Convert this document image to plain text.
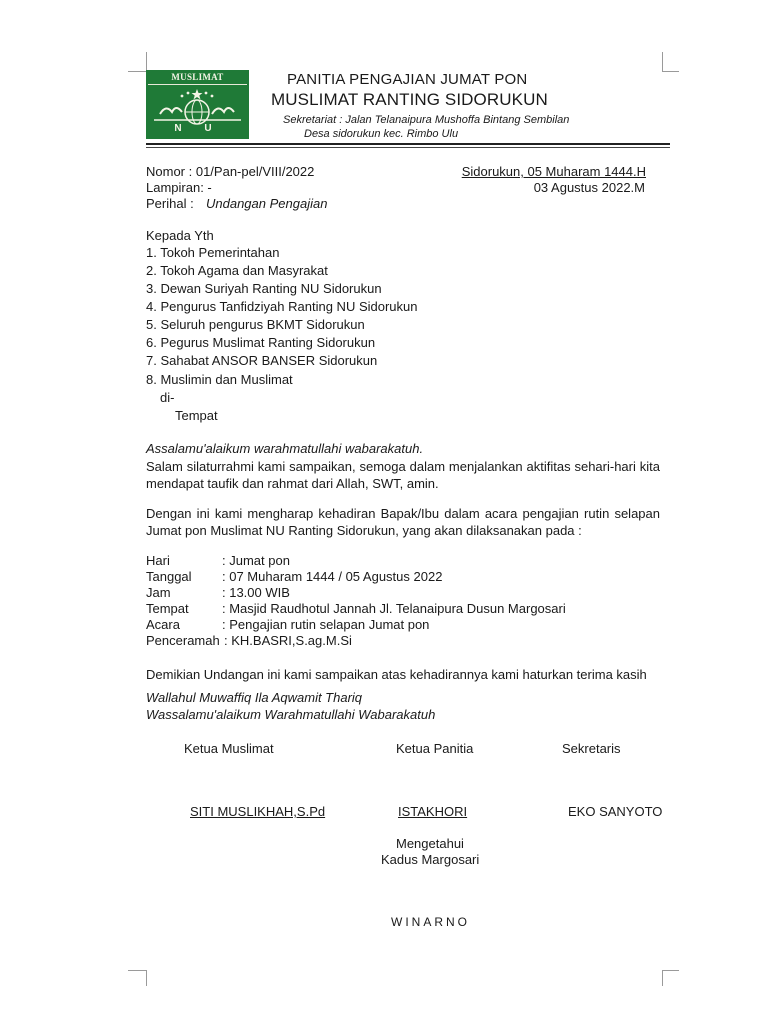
MUSLIMAT
N U
PANITIA PENGAJIAN JUMAT PON
MUSLIMAT RANTING SIDORUKUN
Sekretariat : Jalan Telanaipura Mushoffa Bintang Sembilan
Desa sidorukun kec. Rimbo Ulu
Nomor : 01/Pan-pel/VIII/2022
Lampiran: -
Perihal : Undangan Pengajian
Sidorukun, 05 Muharam 1444.H
03 Agustus 2022.M
Kepada Yth
1. Tokoh Pemerintahan
2. Tokoh Agama dan Masyrakat
3. Dewan Suriyah Ranting NU Sidorukun
4. Pengurus Tanfidziyah Ranting NU Sidorukun
5. Seluruh pengurus BKMT Sidorukun
6. Pegurus Muslimat Ranting Sidorukun
7. Sahabat ANSOR BANSER Sidorukun
8. Muslimin dan Muslimat
di-
Tempat
Assalamu'alaikum warahmatullahi wabarakatuh.
Salam silaturrahmi kami sampaikan, semoga dalam menjalankan aktifitas sehari-hari kita mendapat taufik dan rahmat dari Allah, SWT, amin.
Dengan ini kami mengharap kehadiran Bapak/Ibu dalam acara pengajian rutin selapan Jumat pon Muslimat NU Ranting Sidorukun, yang akan dilaksanakan pada :
Hari	: Jumat pon
Tanggal : 07 Muharam 1444 / 05 Agustus 2022
Jam	: 13.00 WIB
Tempat	: Masjid Raudhotul Jannah Jl. Telanaipura Dusun Margosari
Acara	: Pengajian rutin selapan Jumat pon
Penceramah : KH.BASRI,S.ag.M.Si
Demikian Undangan ini kami sampaikan atas kehadirannya kami haturkan terima kasih
Wallahul Muwaffiq Ila Aqwamit Thariq
Wassalamu'alaikum Warahmatullahi Wabarakatuh
Ketua Muslimat	Ketua Panitia	Sekretaris
SITI MUSLIKHAH,S.Pd	ISTAKHORI	EKO SANYOTO
Mengetahui
Kadus Margosari
WINARNO
